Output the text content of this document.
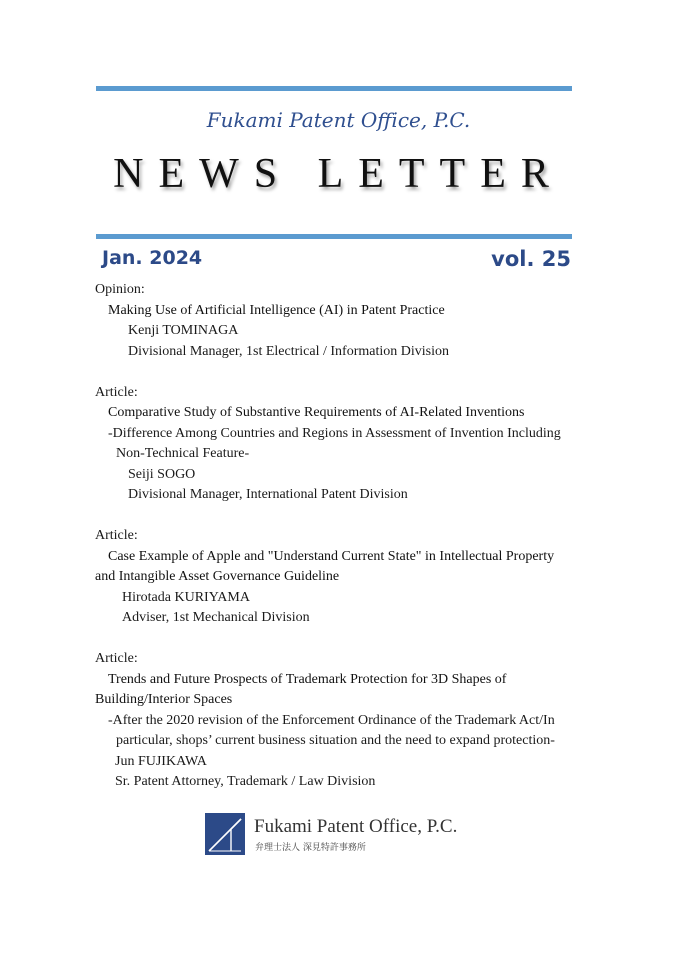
Fukami Patent Office, P.C.
NEWS LETTER
Jan. 2024	vol. 25
Opinion:
Making Use of Artificial Intelligence (AI) in Patent Practice
Kenji TOMINAGA
Divisional Manager, 1st Electrical / Information Division
Article:
Comparative Study of Substantive Requirements of AI-Related Inventions
-Difference Among Countries and Regions in Assessment of Invention Including
Non-Technical Feature-
Seiji SOGO
Divisional Manager, International Patent Division
Article:
Case Example of Apple and "Understand Current State" in Intellectual Property
and Intangible Asset Governance Guideline
Hirotada KURIYAMA
Adviser, 1st Mechanical Division
Article:
Trends and Future Prospects of Trademark Protection for 3D Shapes of
Building/Interior Spaces
-After the 2020 revision of the Enforcement Ordinance of the Trademark Act/In
particular, shops’ current business situation and the need to expand protection-
Jun FUJIKAWA
Sr. Patent Attorney, Trademark / Law Division
Fukami Patent Office, P.C.
弁理士法人 深見特許事務所
